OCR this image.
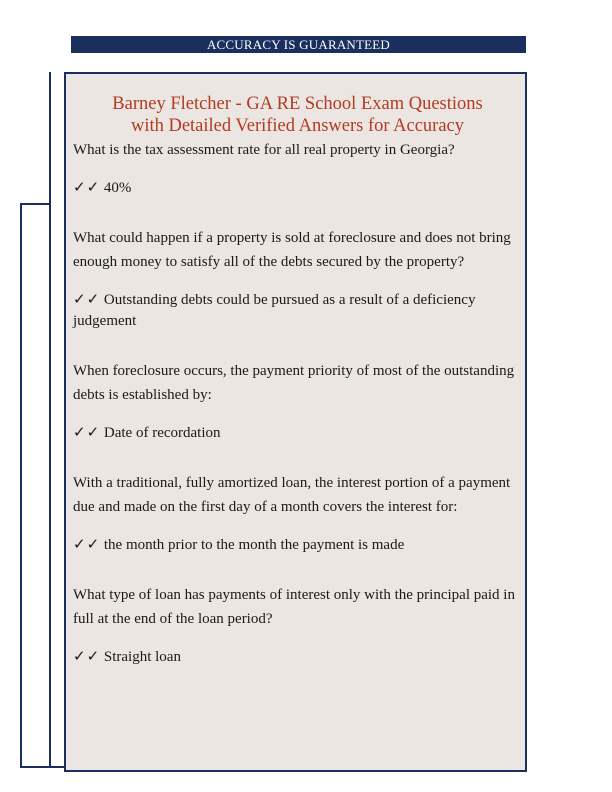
ACCURACY IS GUARANTEED
Barney Fletcher - GA RE School Exam Questions
with Detailed Verified Answers for Accuracy

What is the tax assessment rate for all real property in Georgia?

✓✓ 40%

What could happen if a property is sold at foreclosure and does not bring enough money to satisfy all of the debts secured by the property?

✓✓ Outstanding debts could be pursued as a result of a deficiency judgement

When foreclosure occurs, the payment priority of most of the outstanding debts is established by:

✓✓ Date of recordation

With a traditional, fully amortized loan, the interest portion of a payment due and made on the first day of a month covers the interest for:

✓✓ the month prior to the month the payment is made

What type of loan has payments of interest only with the principal paid in full at the end of the loan period?

✓✓ Straight loan
